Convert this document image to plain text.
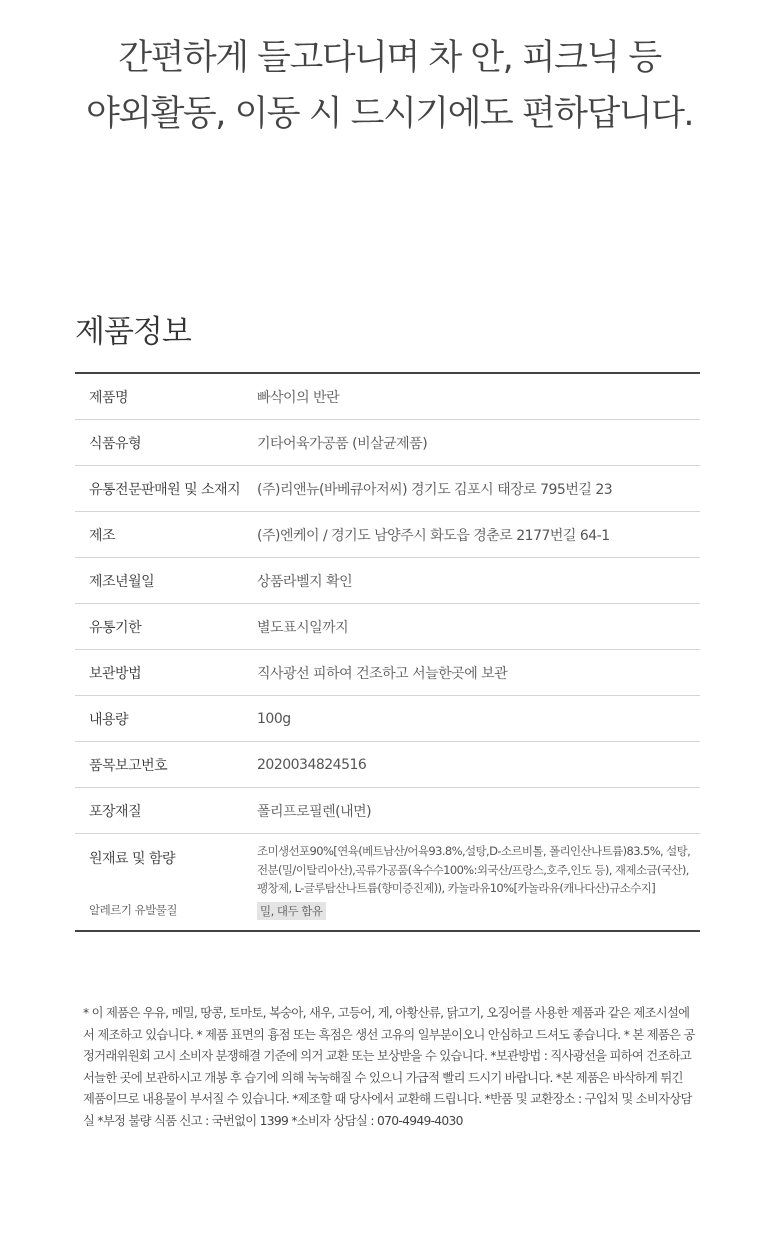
간편하게 들고다니며 차 안, 피크닉 등
야외활동, 이동 시 드시기에도 편하답니다.
제품정보
제품명	빠삭이의 반란
식품유형	기타어육가공품 (비살균제품)
유통전문판매원 및 소재지	(주)리앤뉴(바베큐아저씨) 경기도 김포시 태장로 795번길 23
제조	(주)엔케이 / 경기도 남양주시 화도읍 경춘로 2177번길 64-1
제조년월일	상품라벨지 확인
유통기한	별도표시일까지
보관방법	직사광선 피하여 건조하고 서늘한곳에 보관
내용량	100g
품목보고번호	2020034824516
포장재질	폴리프로필렌(내면)
원재료 및 함량	조미생선포90%[연육(베트남산/어육93.8%,설탕,D-소르비톨, 폴리인산나트륨)83.5%, 설탕, 전분(밀/이탈리아산),곡류가공품(옥수수100%:외국산/프랑스,호주,인도 등), 재제소금(국산), 팽창제, L-글루탐산나트륨(향미증진제)), 카놀라유10%[카놀라유(캐나다산)규소수지]
알레르기 유발물질	밀, 대두 함유
* 이 제품은 우유, 메밀, 땅콩, 토마토, 복숭아, 새우, 고등어, 게, 아황산류, 닭고기, 오징어를 사용한 제품과 같은 제조시설에서 제조하고 있습니다. * 제품 표면의 흉점 또는 흑점은 생선 고유의 일부분이오니 안심하고 드셔도 좋습니다. * 본 제품은 공정거래위원회 고시 소비자 분쟁해결 기준에 의거 교환 또는 보상받을 수 있습니다. *보관방법 : 직사광선을 피하여 건조하고 서늘한 곳에 보관하시고 개봉 후 습기에 의해 눅눅해질 수 있으니 가급적 빨리 드시기 바랍니다. *본 제품은 바삭하게 튀긴 제품이므로 내용물이 부서질 수 있습니다. *제조할 때 당사에서 교환해 드립니다. *반품 및 교환장소 : 구입처 및 소비자상담실 *부정 불량 식품 신고 : 국번없이 1399 *소비자 상담실 : 070-4949-4030
